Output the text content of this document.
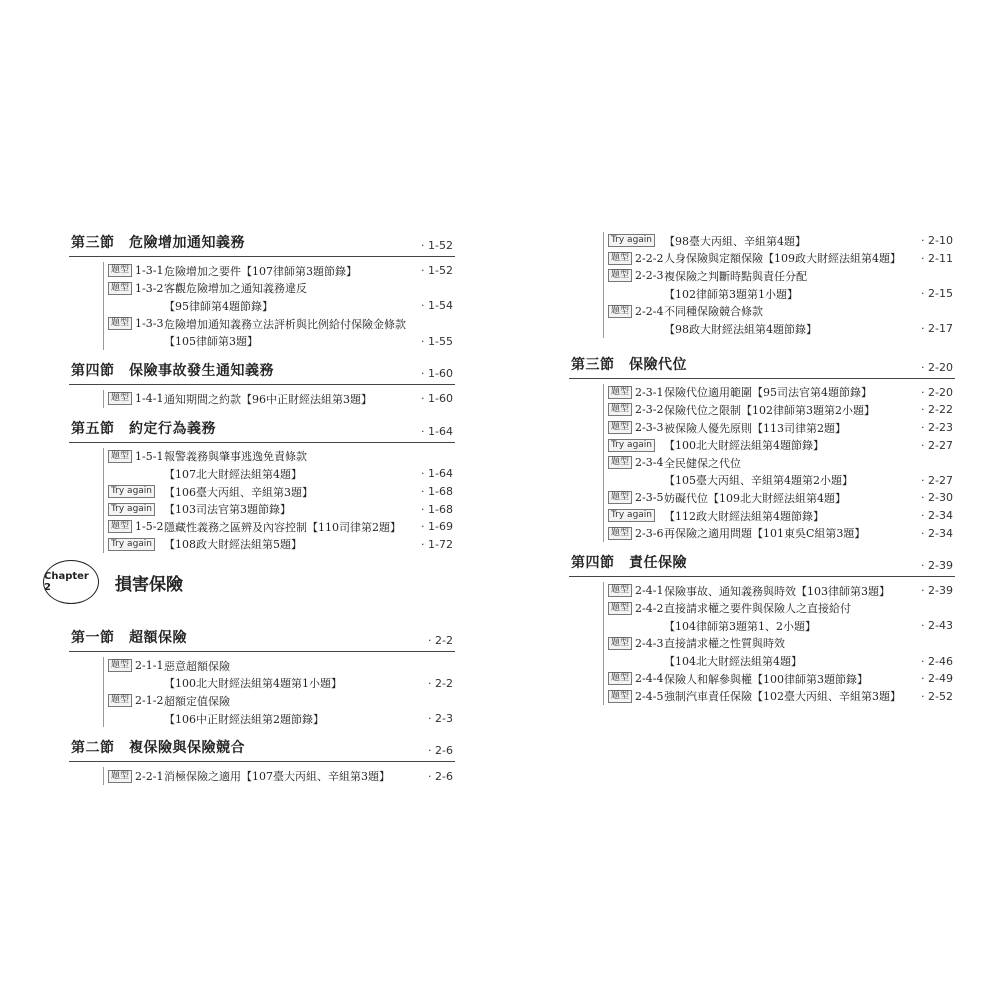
第三節　危險增加通知義務	‧ 1-52
題型 1-3-1 危險增加之要件【107律師第3題節錄】	‧ 1-52
題型 1-3-2 客觀危險增加之通知義務違反
【95律師第4題節錄】	‧ 1-54
題型 1-3-3 危險增加通知義務立法評析與比例給付保險金條款
【105律師第3題】	‧ 1-55
第四節　保險事故發生通知義務	‧ 1-60
題型 1-4-1 通知期間之約款【96中正財經法組第3題】	‧ 1-60
第五節　約定行為義務	‧ 1-64
題型 1-5-1 報警義務與肇事逃逸免責條款
【107北大財經法組第4題】	‧ 1-64
Try again 【106臺大丙組、辛組第3題】	‧ 1-68
Try again 【103司法官第3題節錄】	‧ 1-68
題型 1-5-2 隱藏性義務之區辨及內容控制【110司律第2題】	‧ 1-69
Try again 【108政大財經法組第5題】	‧ 1-72
Chapter 2	損害保險
第一節　超額保險	‧ 2-2
題型 2-1-1 惡意超額保險
【100北大財經法組第4題第1小題】	‧ 2-2
題型 2-1-2 超額定值保險
【106中正財經法組第2題節錄】	‧ 2-3
第二節　複保險與保險競合	‧ 2-6
題型 2-2-1 消極保險之適用【107臺大丙組、辛組第3題】	‧ 2-6
Try again 【98臺大丙組、辛組第4題】	‧ 2-10
題型 2-2-2 人身保險與定額保險【109政大財經法組第4題】	‧ 2-11
題型 2-2-3 複保險之判斷時點與責任分配
【102律師第3題第1小題】	‧ 2-15
題型 2-2-4 不同種保險競合條款
【98政大財經法組第4題節錄】	‧ 2-17
第三節　保險代位	‧ 2-20
題型 2-3-1 保險代位適用範圍【95司法官第4題節錄】	‧ 2-20
題型 2-3-2 保險代位之限制【102律師第3題第2小題】	‧ 2-22
題型 2-3-3 被保險人優先原則【113司律第2題】	‧ 2-23
Try again 【100北大財經法組第4題節錄】	‧ 2-27
題型 2-3-4 全民健保之代位
【105臺大丙組、辛組第4題第2小題】	‧ 2-27
題型 2-3-5 妨礙代位【109北大財經法組第4題】	‧ 2-30
Try again 【112政大財經法組第4題節錄】	‧ 2-34
題型 2-3-6 再保險之適用問題【101東吳C組第3題】	‧ 2-34
第四節　責任保險	‧ 2-39
題型 2-4-1 保險事故、通知義務與時效【103律師第3題】	‧ 2-39
題型 2-4-2 直接請求權之要件與保險人之直接給付
【104律師第3題第1、2小題】	‧ 2-43
題型 2-4-3 直接請求權之性質與時效
【104北大財經法組第4題】	‧ 2-46
題型 2-4-4 保險人和解參與權【100律師第3題節錄】	‧ 2-49
題型 2-4-5 強制汽車責任保險【102臺大丙組、辛組第3題】	‧ 2-52
